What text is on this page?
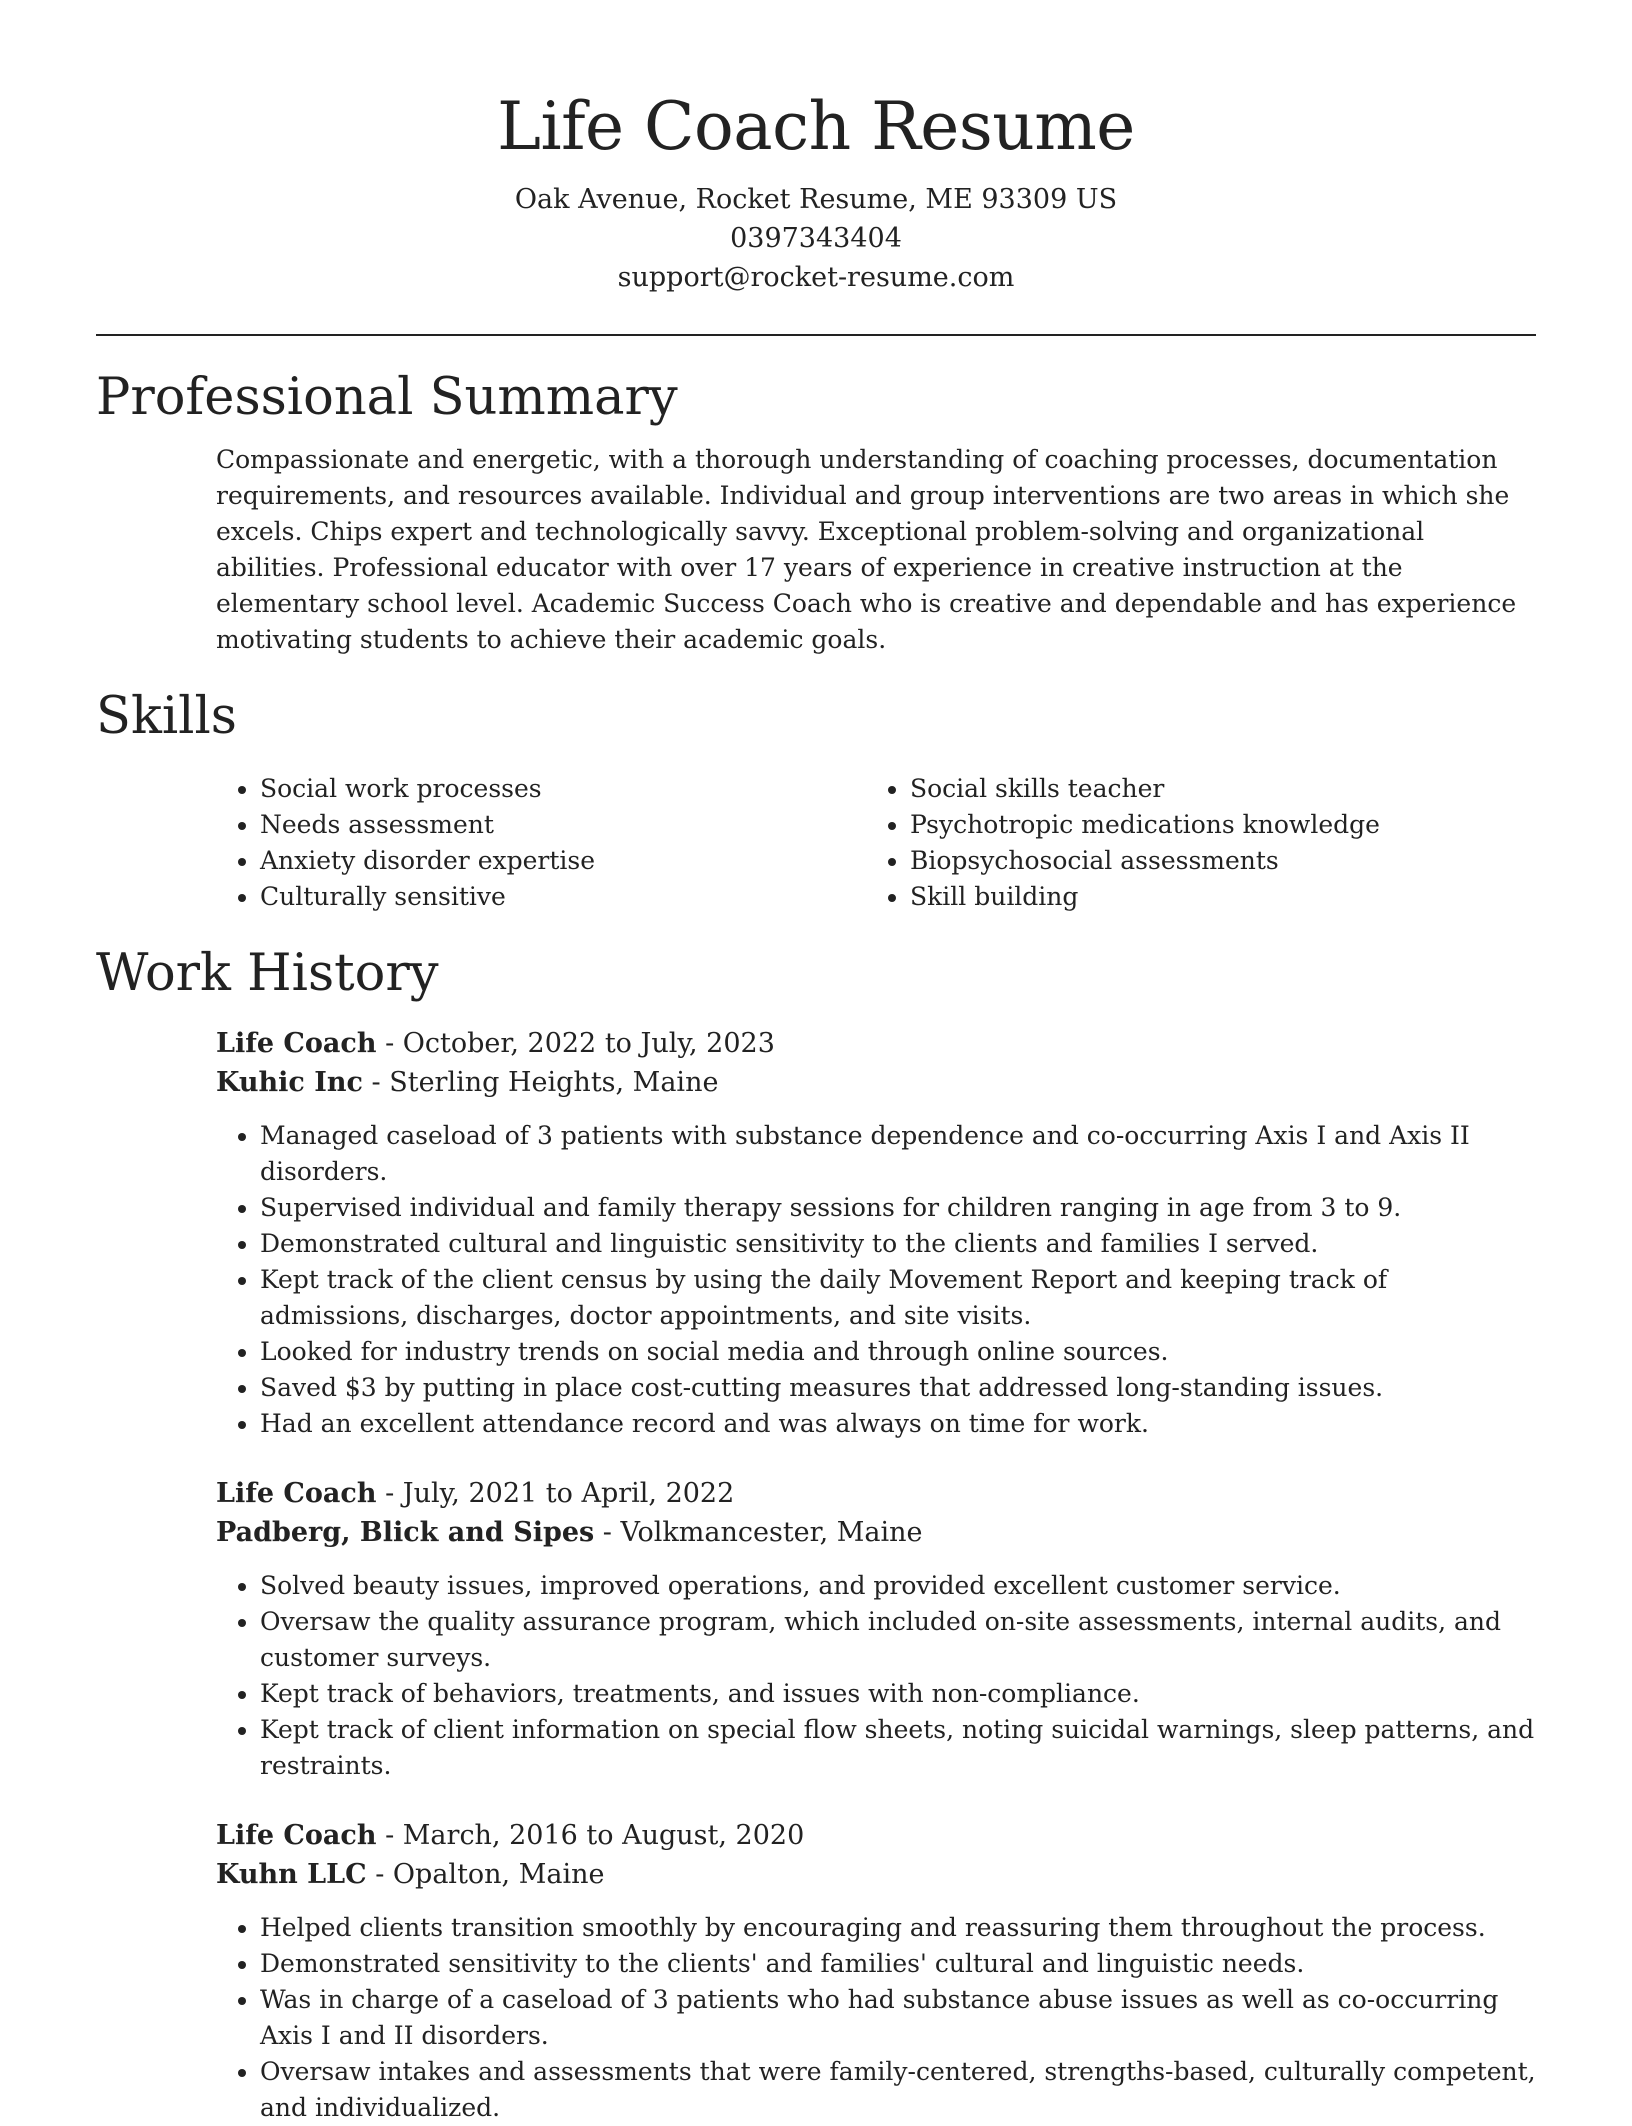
Life Coach Resume
Oak Avenue, Rocket Resume, ME 93309 US
0397343404
support@rocket-resume.com
Professional Summary
Compassionate and energetic, with a thorough understanding of coaching processes, documentation requirements, and resources available. Individual and group interventions are two areas in which she excels. Chips expert and technologically savvy. Exceptional problem-solving and organizational abilities. Professional educator with over 17 years of experience in creative instruction at the elementary school level. Academic Success Coach who is creative and dependable and has experience motivating students to achieve their academic goals.
Skills
• Social work processes
• Needs assessment
• Anxiety disorder expertise
• Culturally sensitive
• Social skills teacher
• Psychotropic medications knowledge
• Biopsychosocial assessments
• Skill building
Work History
Life Coach - October, 2022 to July, 2023
Kuhic Inc - Sterling Heights, Maine
• Managed caseload of 3 patients with substance dependence and co-occurring Axis I and Axis II disorders.
• Supervised individual and family therapy sessions for children ranging in age from 3 to 9.
• Demonstrated cultural and linguistic sensitivity to the clients and families I served.
• Kept track of the client census by using the daily Movement Report and keeping track of admissions, discharges, doctor appointments, and site visits.
• Looked for industry trends on social media and through online sources.
• Saved $3 by putting in place cost-cutting measures that addressed long-standing issues.
• Had an excellent attendance record and was always on time for work.
Life Coach - July, 2021 to April, 2022
Padberg, Blick and Sipes - Volkmancester, Maine
• Solved beauty issues, improved operations, and provided excellent customer service.
• Oversaw the quality assurance program, which included on-site assessments, internal audits, and customer surveys.
• Kept track of behaviors, treatments, and issues with non-compliance.
• Kept track of client information on special flow sheets, noting suicidal warnings, sleep patterns, and restraints.
Life Coach - March, 2016 to August, 2020
Kuhn LLC - Opalton, Maine
• Helped clients transition smoothly by encouraging and reassuring them throughout the process.
• Demonstrated sensitivity to the clients' and families' cultural and linguistic needs.
• Was in charge of a caseload of 3 patients who had substance abuse issues as well as co-occurring Axis I and II disorders.
• Oversaw intakes and assessments that were family-centered, strengths-based, culturally competent, and individualized.
